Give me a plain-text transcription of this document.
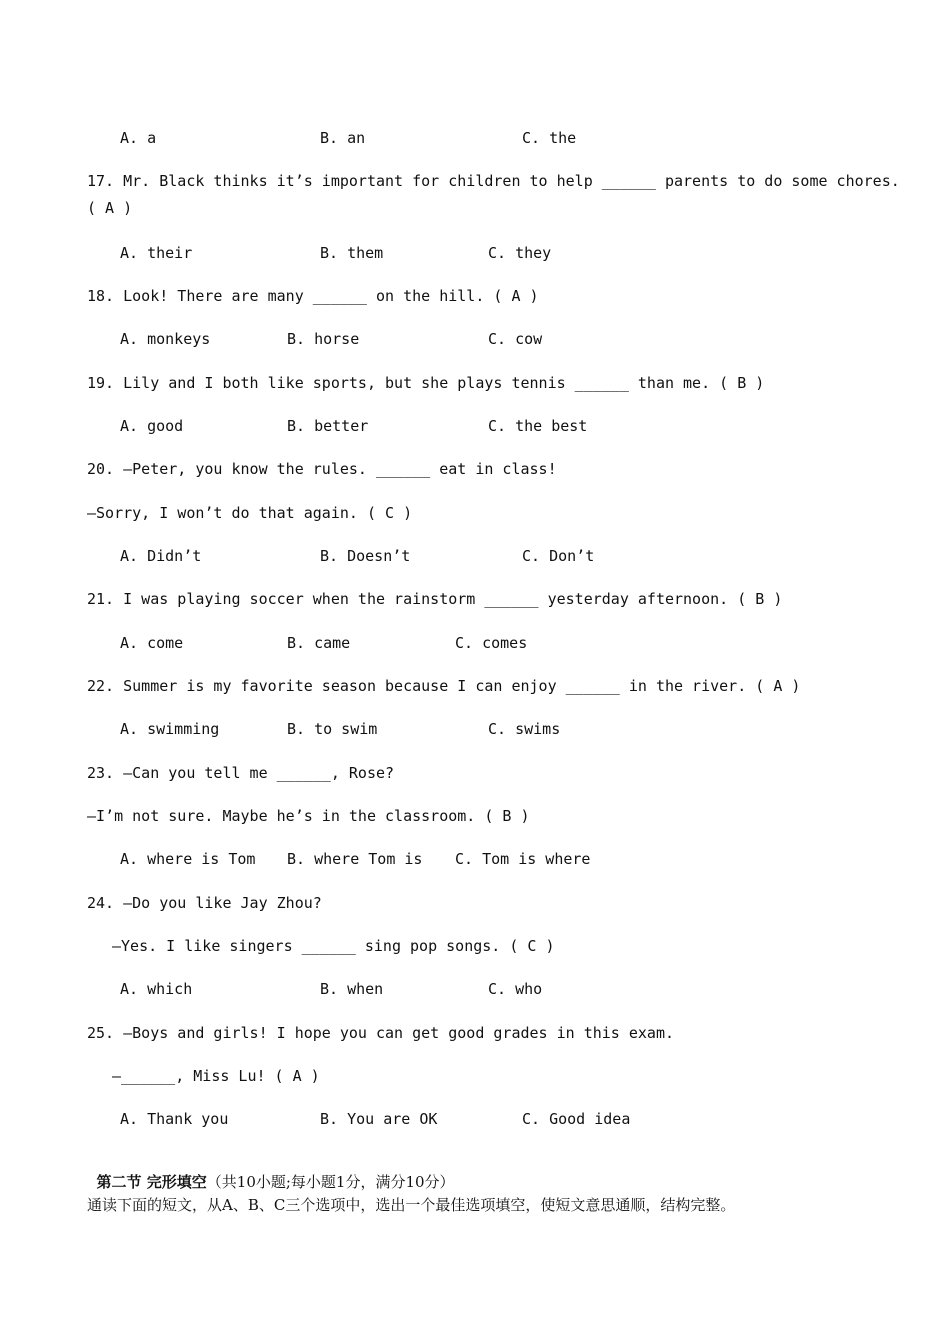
A. a	B. an	C. the
17. Mr. Black thinks it’s important for children to help ______ parents to do some chores.
( A )
A. their	B. them	C. they
18. Look! There are many ______ on the hill. ( A )
A. monkeys	B. horse	C. cow
19. Lily and I both like sports, but she plays tennis ______ than me. ( B )
A. good	B. better	C. the best
20. —Peter, you know the rules. ______ eat in class!
—Sorry, I won’t do that again. ( C )
A. Didn’t	B. Doesn’t	C. Don’t
21. I was playing soccer when the rainstorm ______ yesterday afternoon. ( B )
A. come	B. came	C. comes
22. Summer is my favorite season because I can enjoy ______ in the river. ( A )
A. swimming	B. to swim	C. swims
23. —Can you tell me ______, Rose?
—I’m not sure. Maybe he’s in the classroom. ( B )
A. where is Tom B. where Tom is C. Tom is where
24. —Do you like Jay Zhou?
—Yes. I like singers ______ sing pop songs. ( C )
A. which	B. when	C. who
25. —Boys and girls! I hope you can get good grades in this exam.
—______, Miss Lu! ( A )
A. Thank you	B. You are OK	C. Good idea

第二节 完形填空（共10小题;每小题1分，满分10分）

通读下面的短文，从A、B、C三个选项中，选出一个最佳选项填空，使短文意思通顺，结构完整。
